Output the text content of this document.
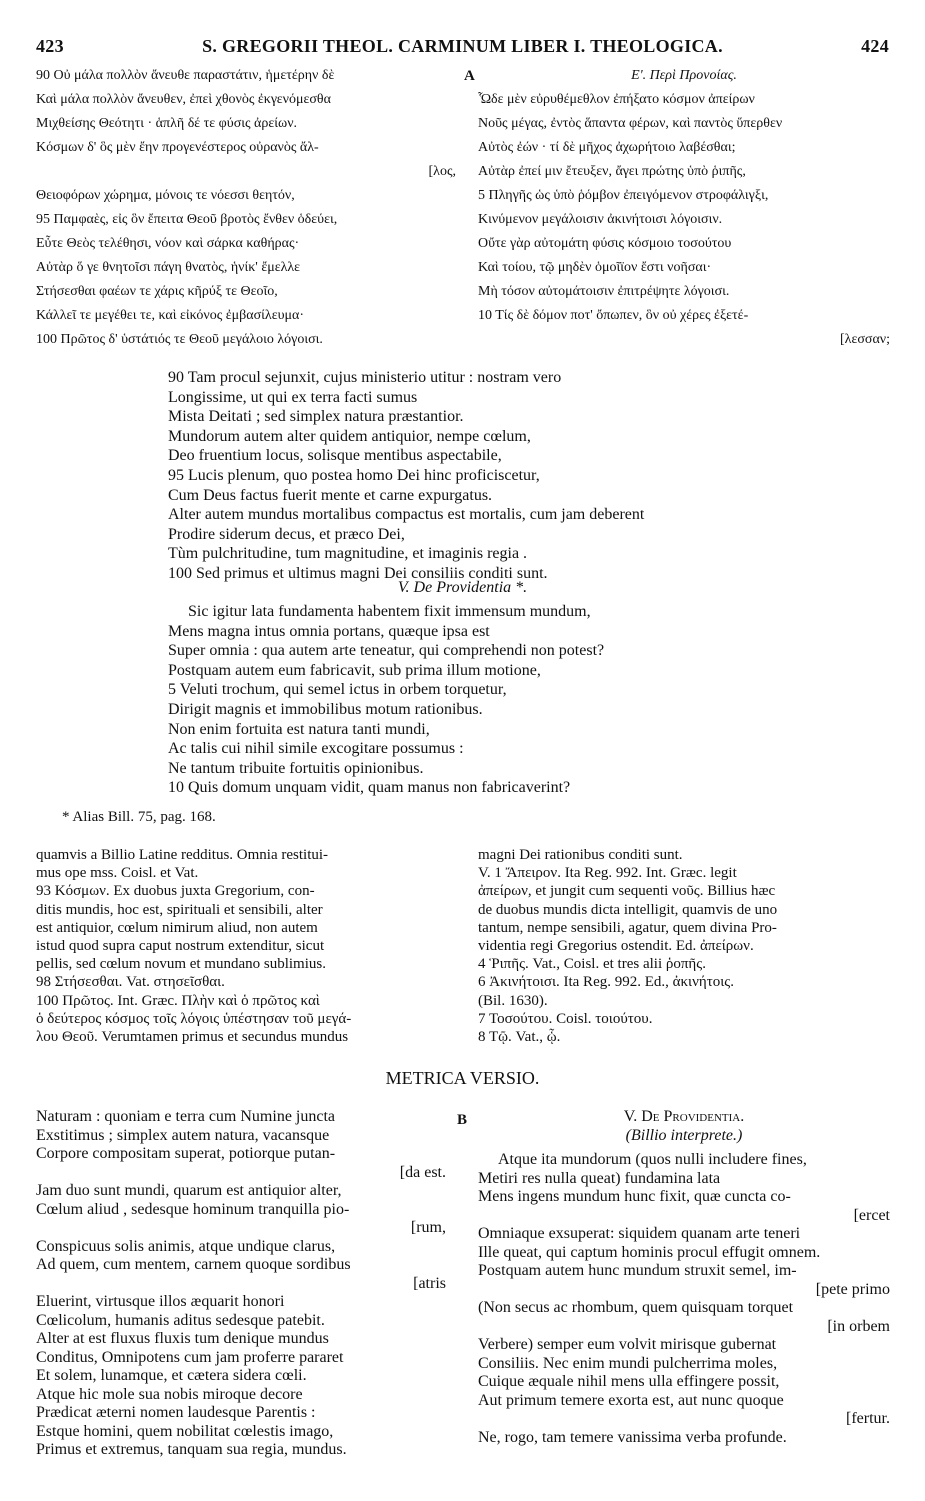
423	S. GREGORII THEOL. CARMINUM LIBER I. THEOLOGICA.	424
90 Οὐ μάλα πολλὸν ἄνευθε παραστάτιν, ἡμετέρην δὲ
Καὶ μάλα πολλὸν ἄνευθεν, ἐπεὶ χθονὸς ἐκγενόμεσθα
Μιχθείσης Θεότητι · ἁπλῆ δέ τε φύσις ἀρείων.
Κόσμων δ' ὃς μὲν ἔην προγενέστερος οὐρανὸς ἄλ-
[λος,
Θειοφόρων χώρημα, μόνοις τε νόεσσι θεητόν,
95 Παμφαὲς, εἰς ὃν ἔπειτα Θεοῦ βροτὸς ἔνθεν ὁδεύει,
Εὖτε Θεὸς τελέθησι, νόον καὶ σάρκα καθήρας·
Αὐτὰρ ὅ γε θνητοῖσι πάγη θνατὸς, ἡνίκ' ἔμελλε
Στήσεσθαι φαέων τε χάρις κῆρύξ τε Θεοῖο,
Κάλλεῖ τε μεγέθει τε, καὶ εἰκόνος ἐμβασίλευμα·
100 Πρῶτος δ' ὑστάτιός τε Θεοῦ μεγάλοιο λόγοισι.
A	Ε'. Περὶ Προνοίας.
Ὧδε μὲν εὐρυθέμεθλον ἐπήξατο κόσμον ἀπείρων
Νοῦς μέγας, ἐντὸς ἅπαντα φέρων, καὶ παντὸς ὕπερθεν
Αὐτὸς ἐών · τί δὲ μῆχος ἀχωρήτοιο λαβέσθαι;
Αὐτὰρ ἐπεί μιν ἔτευξεν, ἄγει πρώτης ὑπὸ ῥιπῆς,
5 Πληγῆς ὡς ὑπὸ ῥόμβον ἐπειγόμενον στροφάλιγξι,
Κινύμενον μεγάλοισιν ἀκινήτοισι λόγοισιν.
Οὔτε γὰρ αὐτομάτη φύσις κόσμοιο τοσούτου
Καὶ τοίου, τῷ μηδὲν ὁμοῖϊον ἔστι νοῆσαι·
Μὴ τόσον αὐτομάτοισιν ἐπιτρέψητε λόγοισι.
10 Τίς δὲ δόμον ποτ' ὄπωπεν, ὃν οὐ χέρες ἐξετέ-
[λεσσαν;
90 Tam procul sejunxit, cujus ministerio utitur : nostram vero
Longissime, ut qui ex terra facti sumus
Mista Deitati ; sed simplex natura præstantior.
Mundorum autem alter quidem antiquior, nempe cœlum,
Deo fruentium locus, solisque mentibus aspectabile,
95 Lucis plenum, quo postea homo Dei hinc proficiscetur,
Cum Deus factus fuerit mente et carne expurgatus.
Alter autem mundus mortalibus compactus est mortalis, cum jam deberent
Prodire siderum decus, et præco Dei,
Tùm pulchritudine, tum magnitudine, et imaginis regia .
100 Sed primus et ultimus magni Dei consiliis conditi sunt.
V. De Providentia *.
Sic igitur lata fundamenta habentem fixit immensum mundum,
Mens magna intus omnia portans, quæque ipsa est
Super omnia : qua autem arte teneatur, qui comprehendi non potest?
Postquam autem eum fabricavit, sub prima illum motione,
5 Veluti trochum, qui semel ictus in orbem torquetur,
Dirigit magnis et immobilibus motum rationibus.
Non enim fortuita est natura tanti mundi,
Ac talis cui nihil simile excogitare possumus :
Ne tantum tribuite fortuitis opinionibus.
10 Quis domum unquam vidit, quam manus non fabricaverint?
* Alias Bill. 75, pag. 168.
quamvis a Billio Latine redditus. Omnia restitui-
mus ope mss. Coisl. et Vat.
93 Κόσμων. Ex duobus juxta Gregorium, con-
ditis mundis, hoc est, spirituali et sensibili, alter
est antiquior, cœlum nimirum aliud, non autem
istud quod supra caput nostrum extenditur, sicut
pellis, sed cœlum novum et mundano sublimius.
98 Στήσεσθαι. Vat. στησεῖσθαι.
100 Πρῶτος. Int. Græc. Πλὴν καὶ ὁ πρῶτος καὶ
ὁ δεύτερος κόσμος τοῖς λόγοις ὑπέστησαν τοῦ μεγά-
λου Θεοῦ. Verumtamen primus et secundus mundus
magni Dei rationibus conditi sunt.
V. 1 Ἄπειρον. Ita Reg. 992. Int. Græc. legit
ἀπείρων, et jungit cum sequenti νοῦς. Billius hæc
de duobus mundis dicta intelligit, quamvis de uno
tantum, nempe sensibili, agatur, quem divina Pro-
videntia regi Gregorius ostendit. Ed. ἀπείρων.
4 Ῥιπῆς. Vat., Coisl. et tres alii ῥοπῆς.
6 Ἀκινήτοισι. Ita Reg. 992. Ed., ἀκινήτοις.
(Bil. 1630).
7 Τοσούτου. Coisl. τοιούτου.
8 Τῷ. Vat., ᾧ.
METRICA VERSIO.
Naturam : quoniam e terra cum Numine juncta
Exstitimus ; simplex autem natura, vacansque
Corpore compositam superat, potiorque putan-
[da est.
Jam duo sunt mundi, quarum est antiquior alter,
Cœlum aliud , sedesque hominum tranquilla pio-
[rum,
Conspicuus solis animis, atque undique clarus,
Ad quem, cum mentem, carnem quoque sordibus
[atris
Eluerint, virtusque illos æquarit honori
Cœlicolum, humanis aditus sedesque patebit.
Alter at est fluxus fluxis tum denique mundus
Conditus, Omnipotens cum jam proferre pararet
Et solem, lunamque, et cætera sidera cœli.
Atque hic mole sua nobis miroque decore
Prædicat æterni nomen laudesque Parentis :
Estque homini, quem nobilitat cœlestis imago,
Primus et extremus, tanquam sua regia, mundus.
B	V. De Providentia.
(Billio interprete.)
Atque ita mundorum (quos nulli includere fines,
Metiri res nulla queat) fundamina lata
Mens ingens mundum hunc fixit, quæ cuncta co-
[ercet
Omniaque exsuperat: siquidem quanam arte teneri
Ille queat, qui captum hominis procul effugit omnem.
Postquam autem hunc mundum struxit semel, im-
[pete primo
(Non secus ac rhombum, quem quisquam torquet
[in orbem
Verbere) semper eum volvit mirisque gubernat
Consiliis. Nec enim mundi pulcherrima moles,
Cuique æquale nihil mens ulla effingere possit,
Aut primum temere exorta est, aut nunc quoque
[fertur.
Ne, rogo, tam temere vanissima verba profunde.
